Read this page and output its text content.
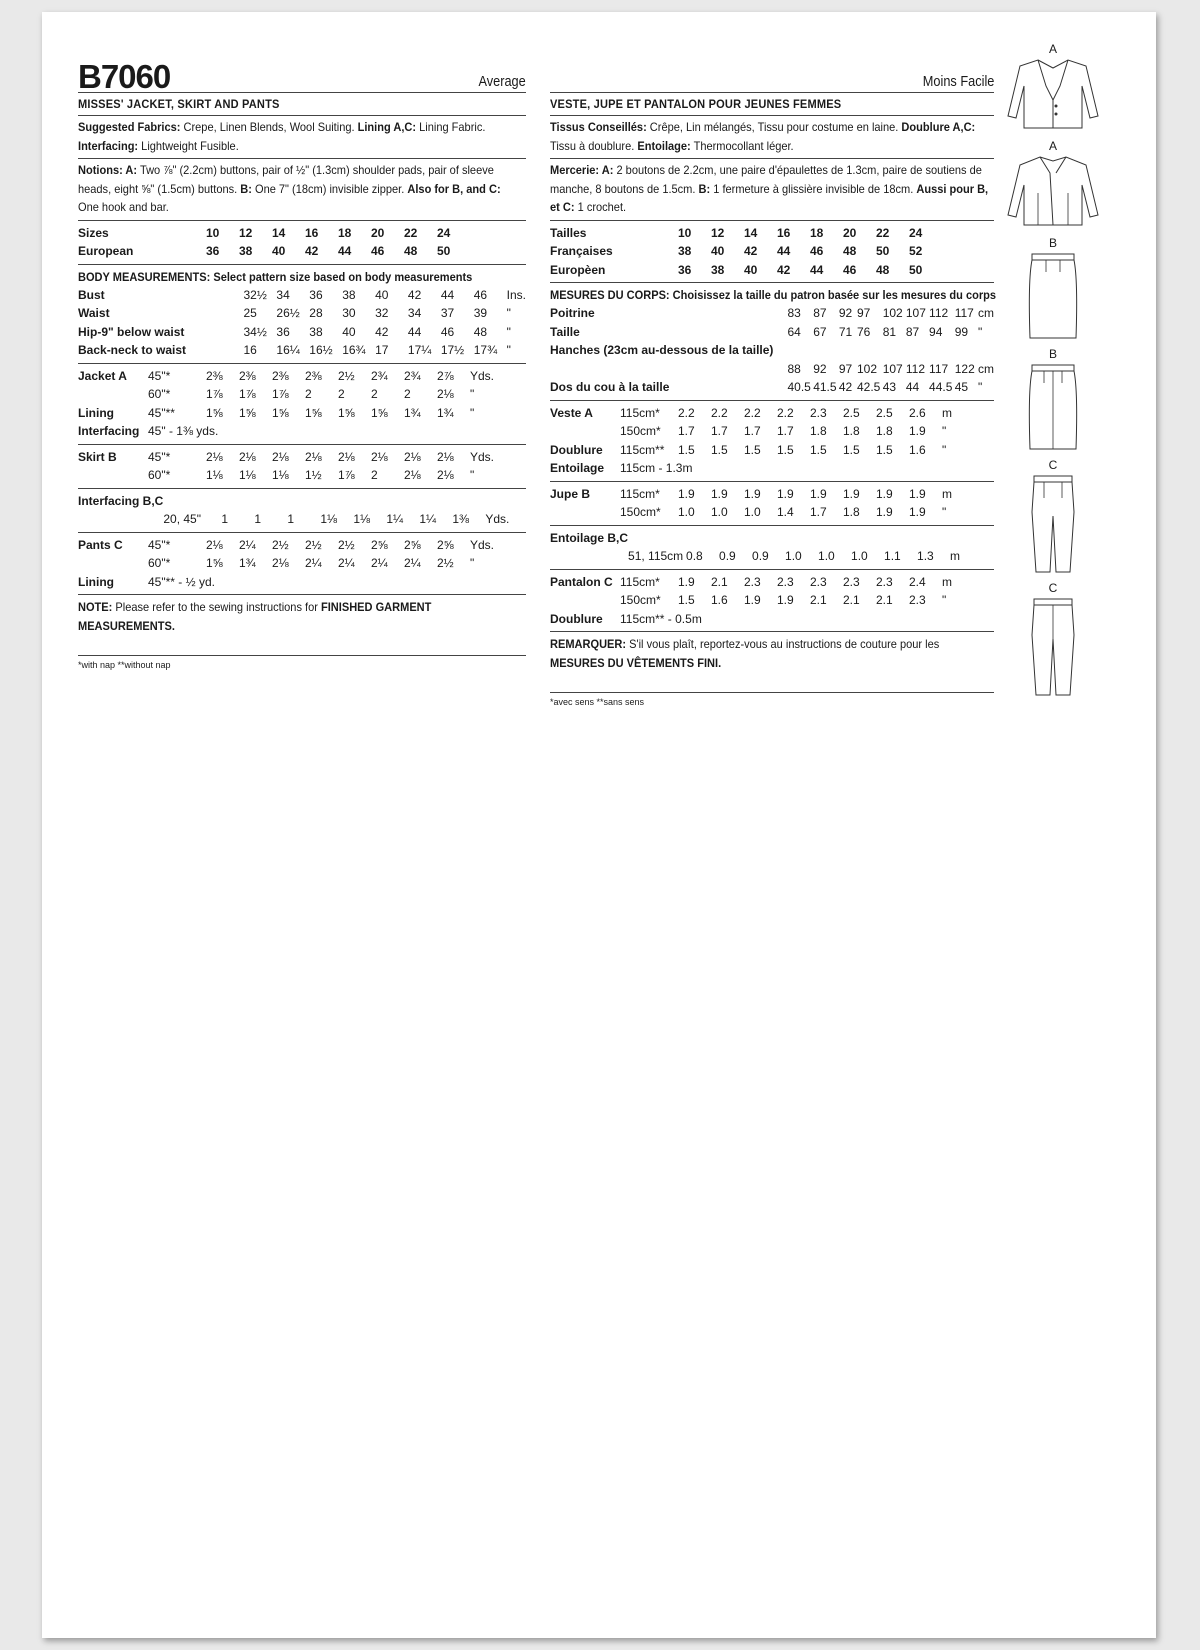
B7060	Average
MISSES' JACKET, SKIRT AND PANTS
Suggested Fabrics: Crepe, Linen Blends, Wool Suiting. Lining A,C: Lining Fabric. Interfacing: Lightweight Fusible.
Notions: A: Two ⅞" (2.2cm) buttons, pair of ½" (1.3cm) shoulder pads, pair of sleeve heads, eight ⅝" (1.5cm) buttons. B: One 7" (18cm) invisible zipper. Also for B, and C: One hook and bar.
Sizes		10	12	14	16	18	20	22	24	
European		36	38	40	42	44	46	48	50	
BODY MEASUREMENTS: Select pattern size based on body measurements
Bust		32½	34	36	38	40	42	44	46	Ins.
Waist		25	26½	28	30	32	34	37	39	"
Hip-9" below waist		34½	36	38	40	42	44	46	48	"
Back-neck to waist		16	16¼	16½	16¾	17	17¼	17½	17¾	"
Jacket A	45"*	2⅜	2⅜	2⅜	2⅜	2½	2¾	2¾	2⅞	Yds.
	60"*	1⅞	1⅞	1⅞	2	2	2	2	2⅛	"
Lining	45"**	1⅝	1⅝	1⅝	1⅝	1⅝	1⅝	1¾	1¾	"
Interfacing	45" - 1⅜ yds.									
Skirt B	45"*	2⅛	2⅛	2⅛	2⅛	2⅛	2⅛	2⅛	2⅛	Yds.
	60"*	1⅛	1⅛	1⅛	1½	1⅞	2	2⅛	2⅛	"
Interfacing B,C										
	20, 45"	1	1	1	1⅛	1⅛	1¼	1¼	1⅜	Yds.
Pants C	45"*	2⅛	2¼	2½	2½	2½	2⅝	2⅝	2⅝	Yds.
	60"*	1⅝	1¾	2⅛	2¼	2¼	2¼	2¼	2½	"
Lining	45"** - ½ yd.									
NOTE: Please refer to the sewing instructions for FINISHED GARMENT MEASUREMENTS.
*with nap **without nap
Moins Facile
VESTE, JUPE ET PANTALON POUR JEUNES FEMMES
Tissus Conseillés: Crêpe, Lin mélangés, Tissu pour costume en laine. Doublure A,C: Tissu à doublure. Entoilage: Thermocollant léger.
Mercerie: A: 2 boutons de 2.2cm, une paire d'épaulettes de 1.3cm, paire de soutiens de manche, 8 boutons de 1.5cm. B: 1 fermeture à glissière invisible de 18cm. Aussi pour B, et C: 1 crochet.
Tailles		10	12	14	16	18	20	22	24	
Françaises		38	40	42	44	46	48	50	52	
Europèen		36	38	40	42	44	46	48	50	
MESURES DU CORPS: Choisissez la taille du patron basée sur les mesures du corps
Poitrine		83	87	92	97	102	107	112	117	cm
Taille		64	67	71	76	81	87	94	99	"
Hanches (23cm au-dessous de la taille)										
		88	92	97	102	107	112	117	122	cm
Dos du cou à la taille		40.5	41.5	42	42.5	43	44	44.5	45	"
Veste A	115cm*	2.2	2.2	2.2	2.2	2.3	2.5	2.5	2.6	m
	150cm*	1.7	1.7	1.7	1.7	1.8	1.8	1.8	1.9	"
Doublure	115cm**	1.5	1.5	1.5	1.5	1.5	1.5	1.5	1.6	"
Entoilage	115cm - 1.3m									
Jupe B	115cm*	1.9	1.9	1.9	1.9	1.9	1.9	1.9	1.9	m
	150cm*	1.0	1.0	1.0	1.4	1.7	1.8	1.9	1.9	"
Entoilage B,C										
	51, 115cm	0.8	0.9	0.9	1.0	1.0	1.0	1.1	1.3	m
Pantalon C	115cm*	1.9	2.1	2.3	2.3	2.3	2.3	2.3	2.4	m
	150cm*	1.5	1.6	1.9	1.9	2.1	2.1	2.1	2.3	"
Doublure	115cm** - 0.5m									
REMARQUER: S'il vous plaît, reportez-vous au instructions de couture pour les MESURES DU VÊTEMENTS FINI.
*avec sens **sans sens
A
A
B
B
C
C
